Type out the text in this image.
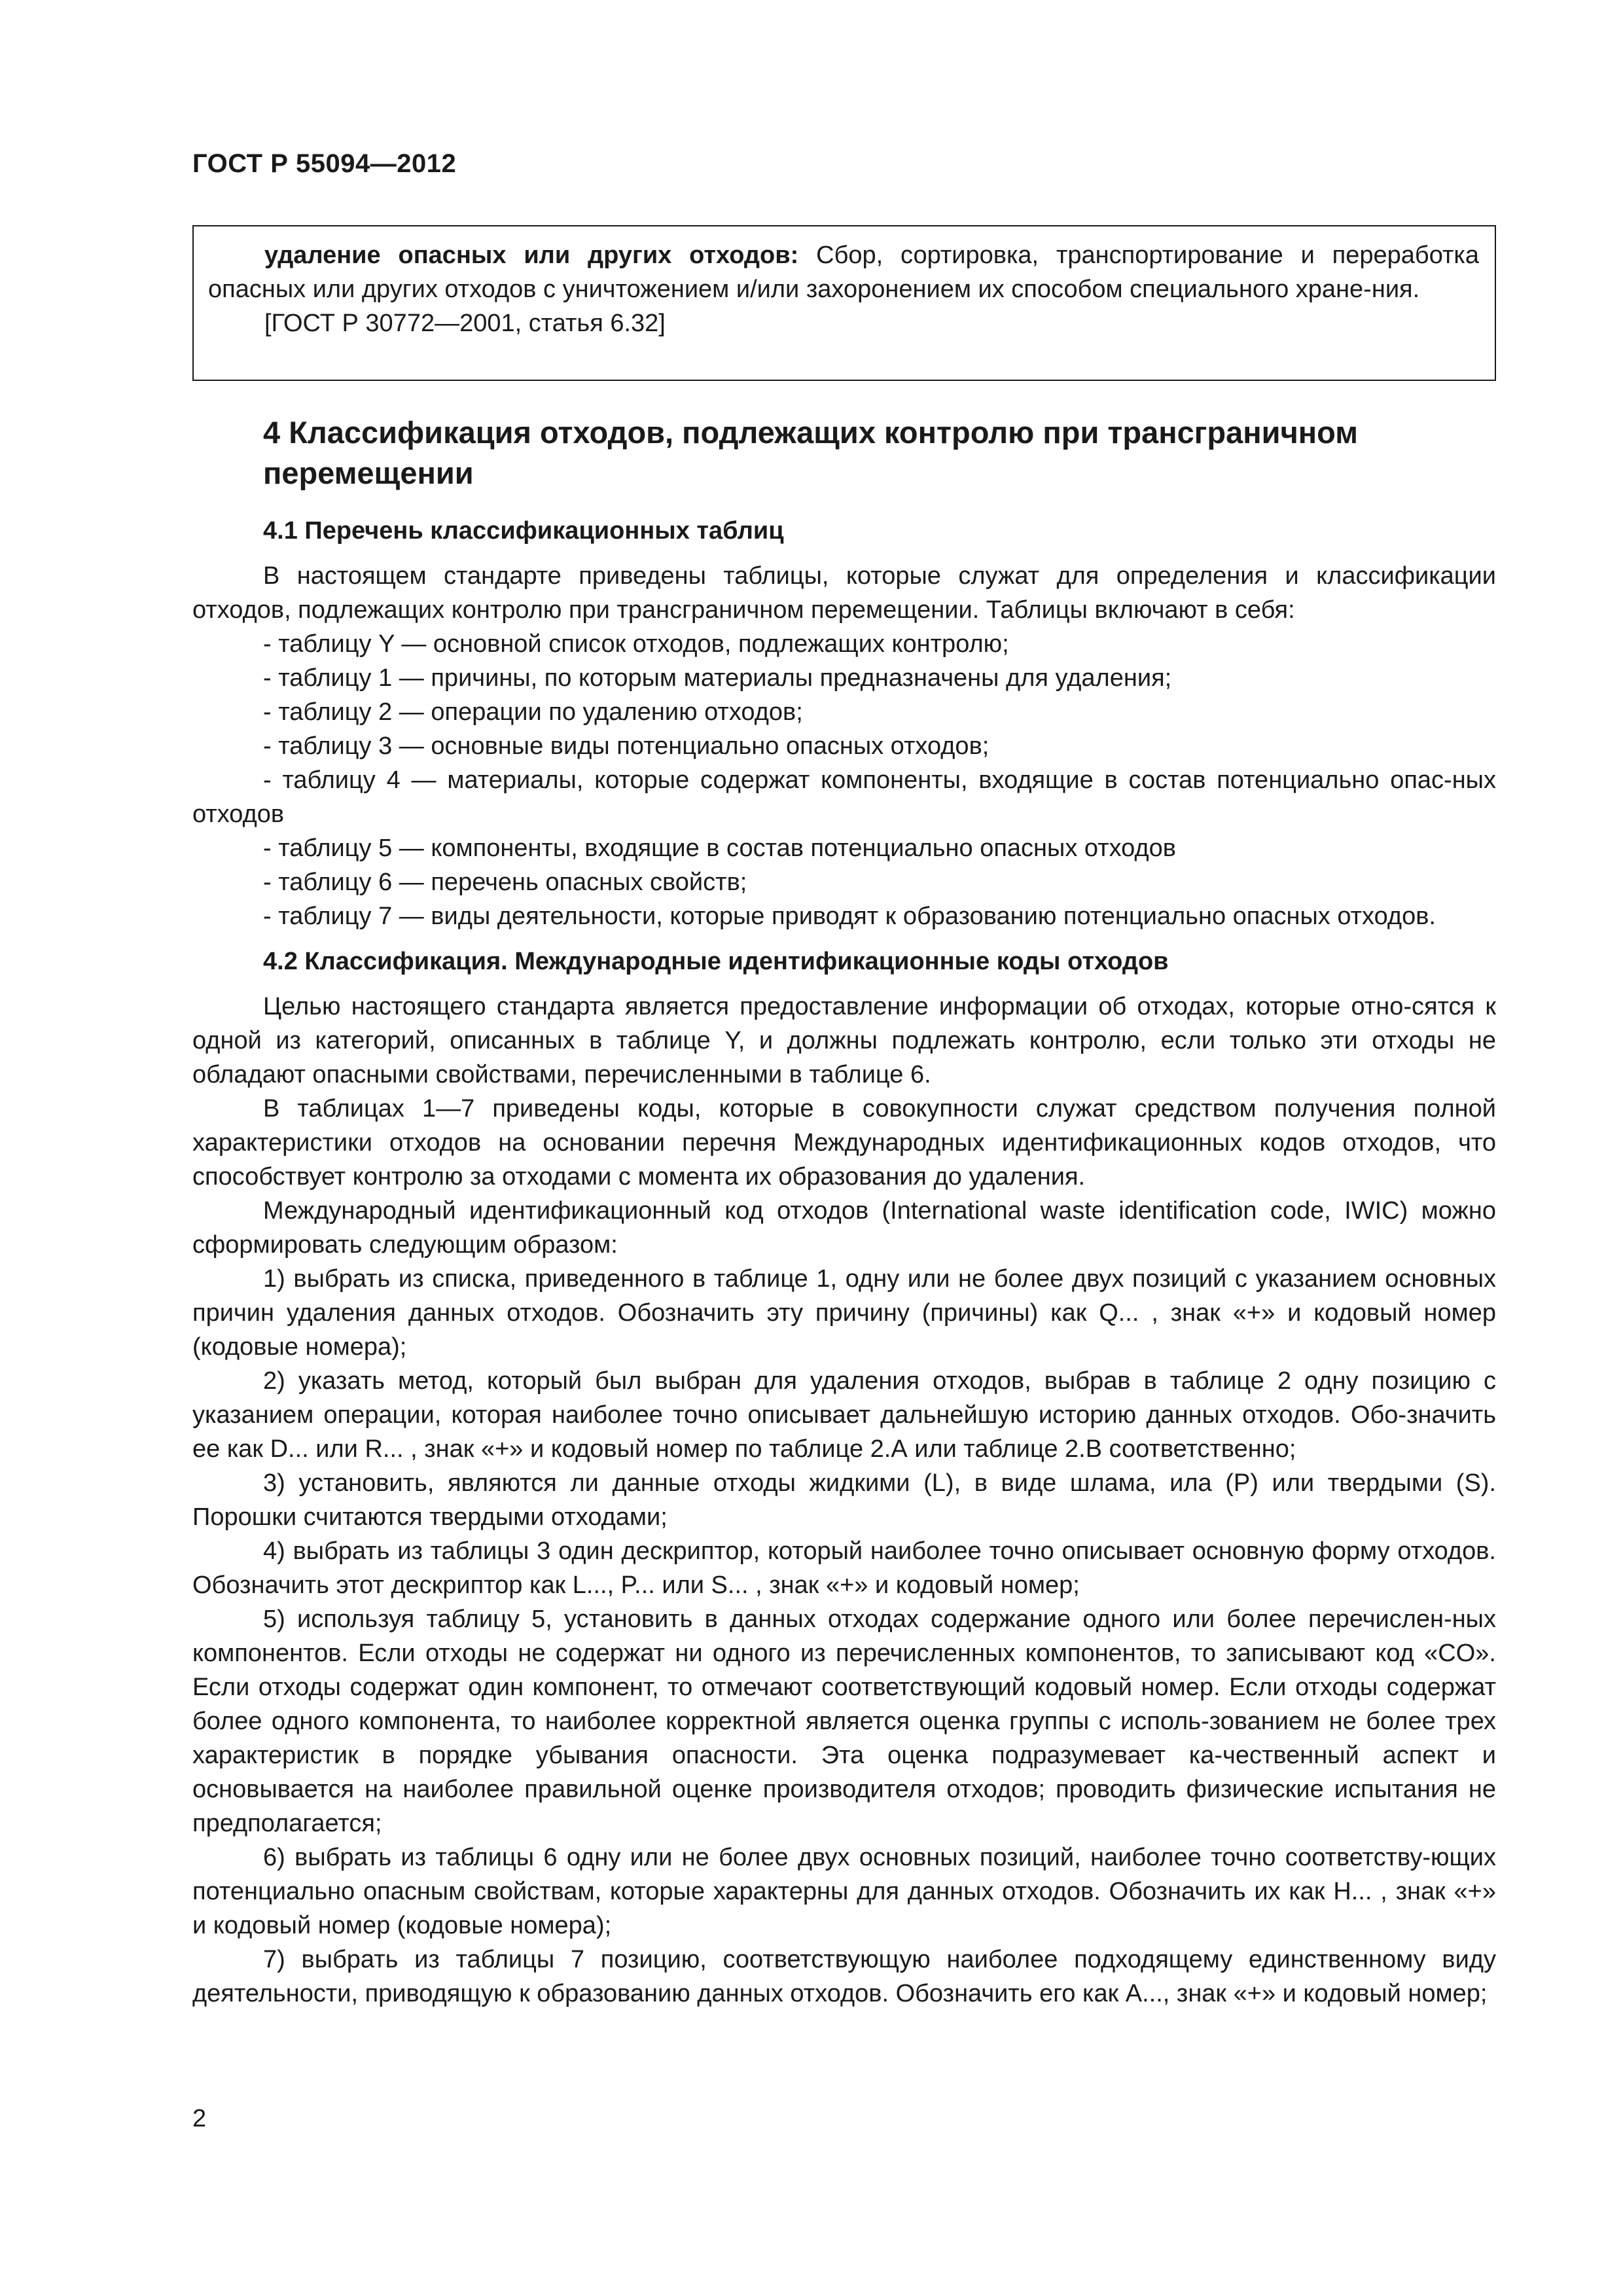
ГОСТ Р 55094—2012

удаление опасных или других отходов: Сбор, сортировка, транспортирование и переработка опасных или других отходов с уничтожением и/или захоронением их способом специального хране-ния.

[ГОСТ Р 30772—2001, статья 6.32]

4 Классификация отходов, подлежащих контролю при трансграничном перемещении
4.1 Перечень классификационных таблиц

В настоящем стандарте приведены таблицы, которые служат для определения и классификации отходов, подлежащих контролю при трансграничном перемещении. Таблицы включают в себя:

- таблицу Y — основной список отходов, подлежащих контролю;

- таблицу 1 — причины, по которым материалы предназначены для удаления;

- таблицу 2 — операции по удалению отходов;

- таблицу 3 — основные виды потенциально опасных отходов;

- таблицу 4 — материалы, которые содержат компоненты, входящие в состав потенциально опас-ных отходов

- таблицу 5 — компоненты, входящие в состав потенциально опасных отходов

- таблицу 6 — перечень опасных свойств;

- таблицу 7 — виды деятельности, которые приводят к образованию потенциально опасных отходов.

4.2 Классификация. Международные идентификационные коды отходов

Целью настоящего стандарта является предоставление информации об отходах, которые отно-сятся к одной из категорий, описанных в таблице Y, и должны подлежать контролю, если только эти отходы не обладают опасными свойствами, перечисленными в таблице 6.

В таблицах 1—7 приведены коды, которые в совокупности служат средством получения полной характеристики отходов на основании перечня Международных идентификационных кодов отходов, что способствует контролю за отходами с момента их образования до удаления.

Международный идентификационный код отходов (International waste identification code, IWIC) можно сформировать следующим образом:

1) выбрать из списка, приведенного в таблице 1, одну или не более двух позиций с указанием основных причин удаления данных отходов. Обозначить эту причину (причины) как Q... , знак «+» и кодовый номер (кодовые номера);

2) указать метод, который был выбран для удаления отходов, выбрав в таблице 2 одну позицию с указанием операции, которая наиболее точно описывает дальнейшую историю данных отходов. Обо-значить ее как D... или R... , знак «+» и кодовый номер по таблице 2.А или таблице 2.В соответственно;

3) установить, являются ли данные отходы жидкими (L), в виде шлама, ила (Р) или твердыми (S). Порошки считаются твердыми отходами;

4) выбрать из таблицы 3 один дескриптор, который наиболее точно описывает основную форму отходов. Обозначить этот дескриптор как L..., P... или S... , знак «+» и кодовый номер;

5) используя таблицу 5, установить в данных отходах содержание одного или более перечислен-ных компонентов. Если отходы не содержат ни одного из перечисленных компонентов, то записывают код «CO». Если отходы содержат один компонент, то отмечают соответствующий кодовый номер. Если отходы содержат более одного компонента, то наиболее корректной является оценка группы с исполь-зованием не более трех характеристик в порядке убывания опасности. Эта оценка подразумевает ка-чественный аспект и основывается на наиболее правильной оценке производителя отходов; проводить физические испытания не предполагается;

6) выбрать из таблицы 6 одну или не более двух основных позиций, наиболее точно соответству-ющих потенциально опасным свойствам, которые характерны для данных отходов. Обозначить их как H... , знак «+» и кодовый номер (кодовые номера);

7) выбрать из таблицы 7 позицию, соответствующую наиболее подходящему единственному виду деятельности, приводящую к образованию данных отходов. Обозначить его как А..., знак «+» и кодовый номер;

2
